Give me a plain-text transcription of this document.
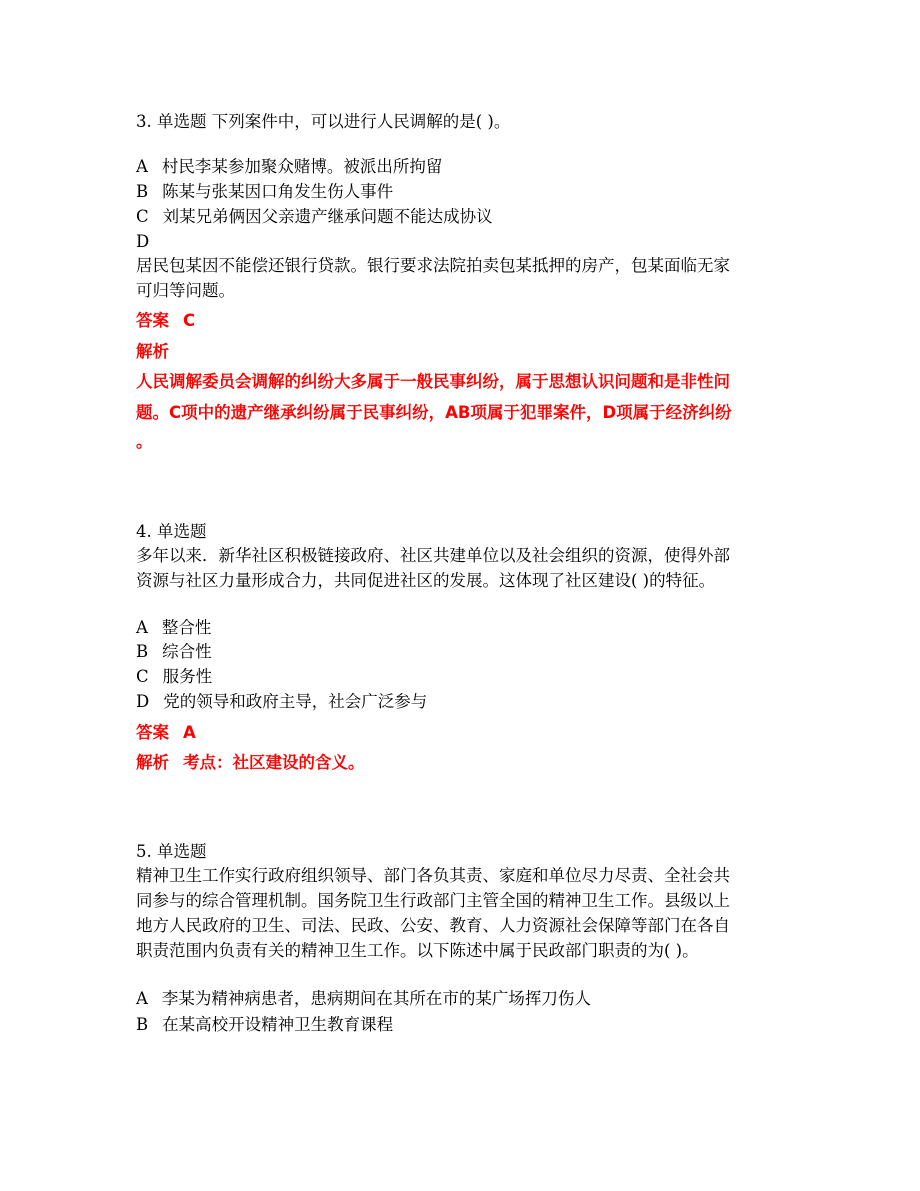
3. 单选题 下列案件中，可以进行人民调解的是( )。
A 村民李某参加聚众赌博。被派出所拘留
B 陈某与张某因口角发生伤人事件
C 刘某兄弟俩因父亲遗产继承问题不能达成协议
D
居民包某因不能偿还银行贷款。银行要求法院拍卖包某抵押的房产，包某面临无家
可归等问题。
答案 C
解析
人民调解委员会调解的纠纷大多属于一般民事纠纷，属于思想认识问题和是非性问
题。C项中的遗产继承纠纷属于民事纠纷，AB项属于犯罪案件，D项属于经济纠纷
。
4. 单选题
多年以来．新华社区积极链接政府、社区共建单位以及社会组织的资源，使得外部
资源与社区力量形成合力，共同促进社区的发展。这体现了社区建设( )的特征。
A 整合性
B 综合性
C 服务性
D 党的领导和政府主导，社会广泛参与
答案 A
解析 考点：社区建设的含义。
5. 单选题
精神卫生工作实行政府组织领导、部门各负其责、家庭和单位尽力尽责、全社会共
同参与的综合管理机制。国务院卫生行政部门主管全国的精神卫生工作。县级以上
地方人民政府的卫生、司法、民政、公安、教育、人力资源社会保障等部门在各自
职责范围内负责有关的精神卫生工作。以下陈述中属于民政部门职责的为( )。
A 李某为精神病患者，患病期间在其所在市的某广场挥刀伤人
B 在某高校开设精神卫生教育课程
